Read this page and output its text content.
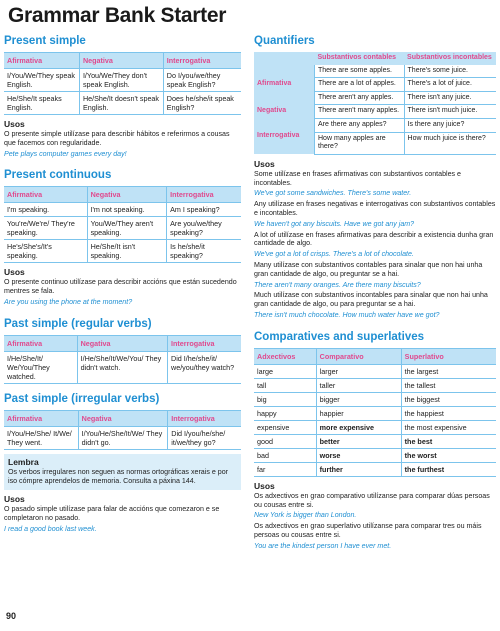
Grammar Bank Starter
Present simple
Afirmativa	Negativa	Interrogativa
I/You/We/They speak English.	I/You/We/They don't speak English.	Do I/you/we/they speak English?
He/She/It speaks English.	He/She/It doesn't speak English.	Does he/she/it speak English?
Usos

O presente simple utilízase para describir hábitos e referirmos a cousas que facemos con regularidade.

Pete plays computer games every day!

Present continuous
Afirmativa	Negativa	Interrogativa
I'm speaking.	I'm not speaking.	Am I speaking?
You're/We're/ They're speaking.	You/We/They aren't speaking.	Are you/we/they speaking?
He's/She's/It's speaking.	He/She/It isn't speaking.	Is he/she/it speaking?
Usos

O presente continuo utilízase para describir accións que están sucedendo mentres se fala.

Are you using the phone at the moment?

Past simple (regular verbs)
Afirmativa	Negativa	Interrogativa
I/He/She/It/ We/You/They watched.	I/He/She/It/We/You/ They didn't watch.	Did I/he/she/it/ we/you/they watch?
Past simple (irregular verbs)
Afirmativa	Negativa	Interrogativa
I/You/He/She/ It/We/ They went.	I/You/He/She/It/We/ They didn't go.	Did I/you/he/she/ it/we/they go?
Lembra

Os verbos irregulares non seguen as normas ortográficas xerais e por iso cómpre aprendelos de memoria. Consulta a páxina 144.

Usos

O pasado simple utilízase para falar de accións que comezaron e se completaron no pasado.

I read a good book last week.

Quantifiers
	Substantivos contables	Substantivos incontables
Afirmativa	There are some apples.	There's some juice.
	There are a lot of apples.	There's a lot of juice.
	There aren't any apples.	There isn't any juice.
Negativa	There aren't many apples.	There isn't much juice.
Interrogativa	Are there any apples?	Is there any juice?
	How many apples are there?	How much juice is there?
Usos

Some utilízase en frases afirmativas con substantivos contables e incontables.

We've got some sandwiches. There's some water.

Any utilízase en frases negativas e interrogativas con substantivos contables e incontables.

We haven't got any biscuits. Have we got any jam?

A lot of utilízase en frases afirmativas para describir a existencia dunha gran cantidade de algo.

We've got a lot of crisps. There's a lot of chocolate.

Many utilízase con substantivos contables para sinalar que non hai unha gran cantidade de algo, ou preguntar se a hai.

There aren't many oranges. Are there many biscuits?

Much utilízase con substantivos incontables para sinalar que non hai unha gran cantidade de algo, ou para preguntar se a hai.

There isn't much chocolate. How much water have we got?

Comparatives and superlatives
Adxectivos	Comparativo	Superlativo
large	larger	the largest
tall	taller	the tallest
big	bigger	the biggest
happy	happier	the happiest
expensive	more expensive	the most expensive
good	better	the best
bad	worse	the worst
far	further	the furthest
Usos

Os adxectivos en grao comparativo utilízanse para comparar dúas persoas ou cousas entre si.

New York is bigger than London.

Os adxectivos en grao superlativo utilízanse para comparar tres ou máis persoas ou cousas entre si.

You are the kindest person I have ever met.

90
